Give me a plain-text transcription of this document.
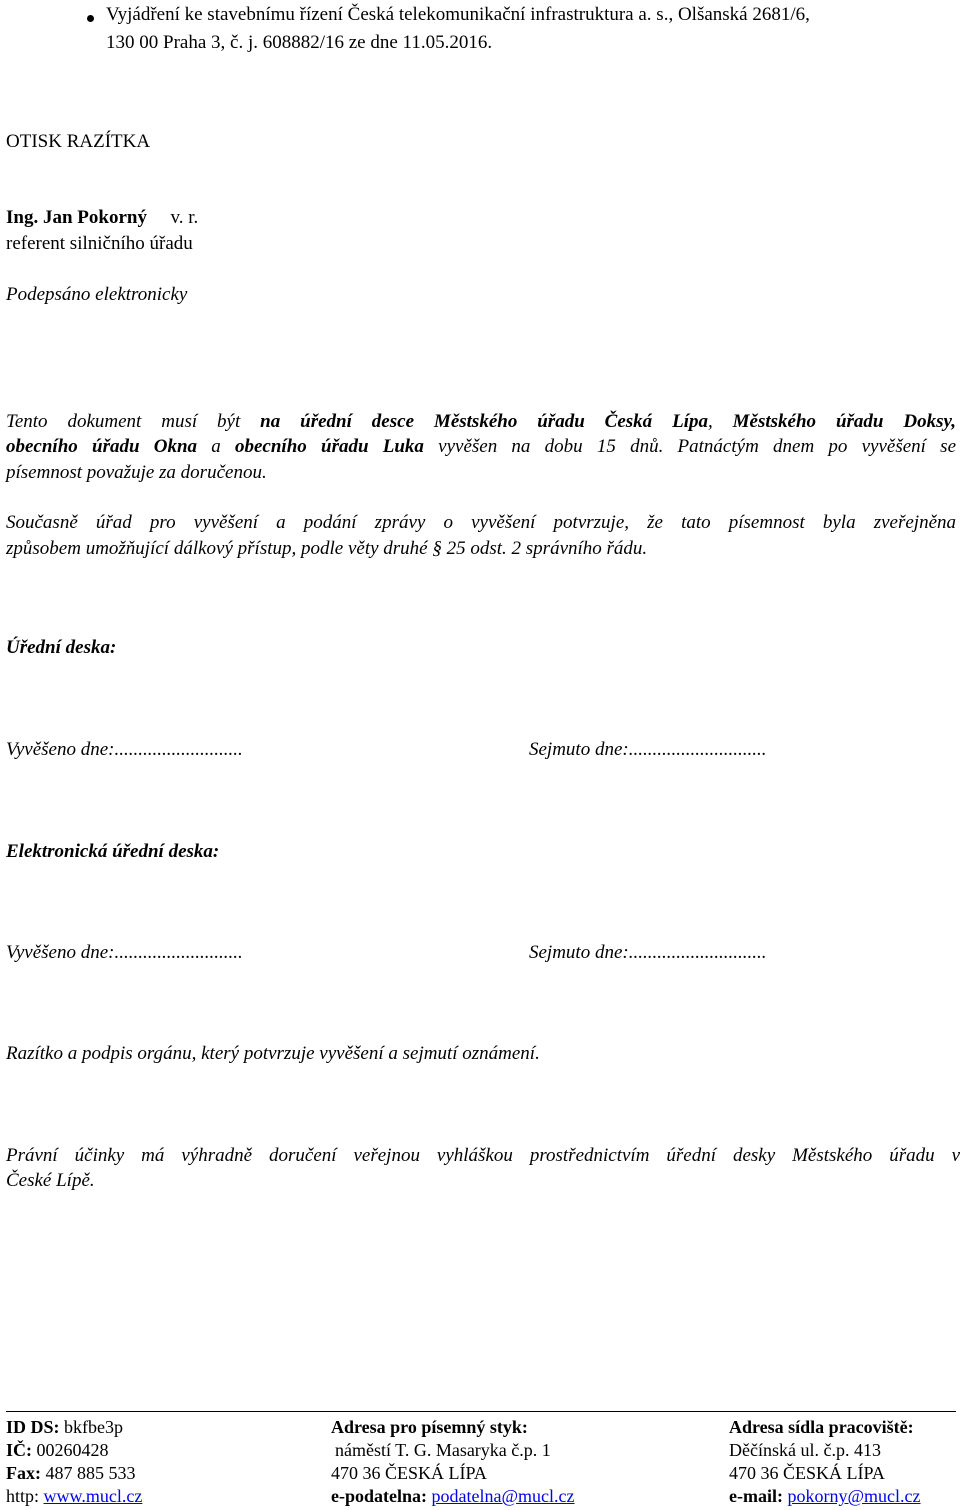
Vyjádření ke stavebnímu řízení Česká telekomunikační infrastruktura a. s., Olšanská 2681/6,
130 00 Praha 3, č. j. 608882/16 ze dne 11.05.2016.
OTISK RAZÍTKA
Ing. Jan Pokorný v. r.
referent silničního úřadu
Podepsáno elektronicky
Tento dokument musí být na úřední desce Městského úřadu Česká Lípa, Městského úřadu Doksy,
obecního úřadu Okna a obecního úřadu Luka vyvěšen na dobu 15 dnů. Patnáctým dnem po vyvěšení se
písemnost považuje za doručenou.
Současně úřad pro vyvěšení a podání zprávy o vyvěšení potvrzuje, že tato písemnost byla zveřejněna
způsobem umožňující dálkový přístup, podle věty druhé § 25 odst. 2 správního řádu.
Úřední deska:
Vyvěšeno dne:...........................	Sejmuto dne:.............................
Elektronická úřední deska:
Vyvěšeno dne:...........................	Sejmuto dne:.............................
Razítko a podpis orgánu, který potvrzuje vyvěšení a sejmutí oznámení.
Právní účinky má výhradně doručení veřejnou vyhláškou prostřednictvím úřední desky Městského úřadu v
České Lípě.
ID DS: bkfbe3p
IČ: 00260428
Fax: 487 885 533
http: www.mucl.cz
Adresa pro písemný styk:
náměstí T. G. Masaryka č.p. 1
470 36 ČESKÁ LÍPA
e-podatelna: podatelna@mucl.cz
Adresa sídla pracoviště:
Děčínská ul. č.p. 413
470 36 ČESKÁ LÍPA
e-mail: pokorny@mucl.cz
